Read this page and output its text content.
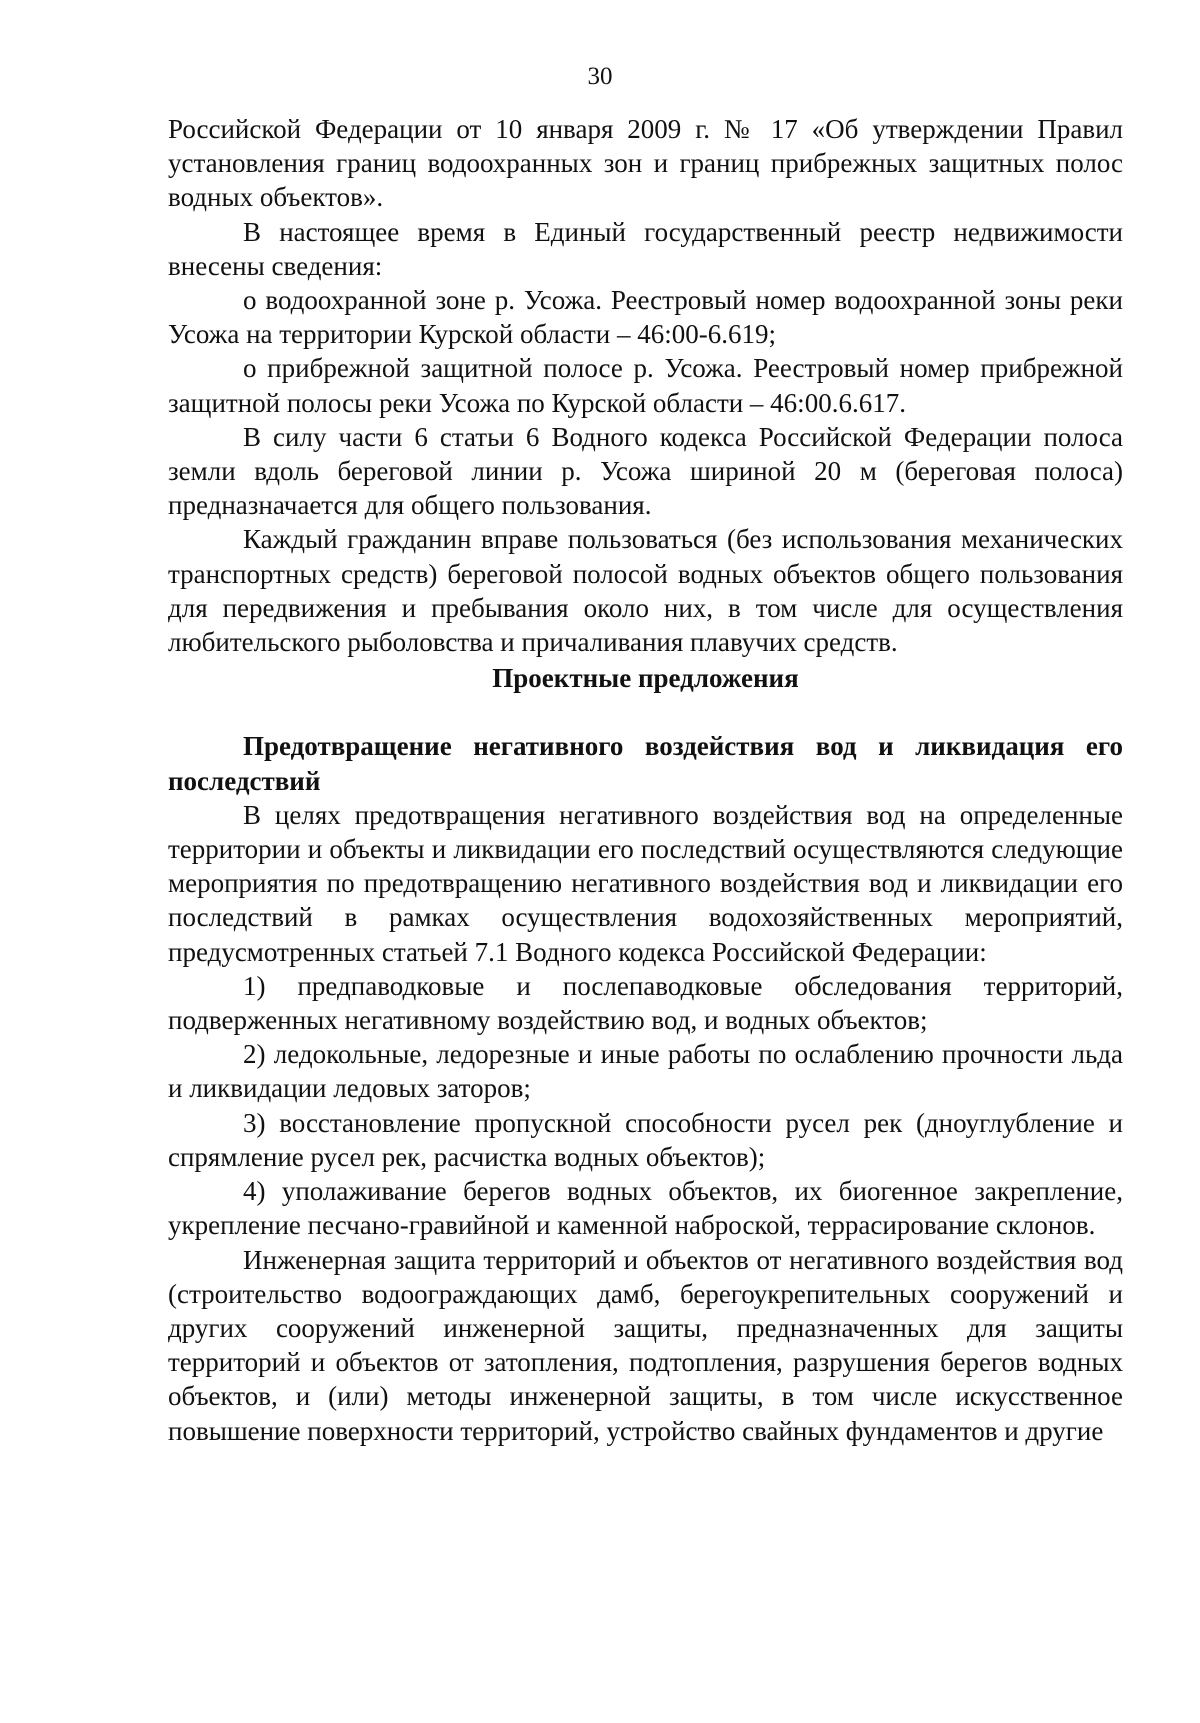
30

Российской Федерации от 10 января 2009 г. № 17 «Об утверждении Правил установления границ водоохранных зон и границ прибрежных защитных полос водных объектов».

В настоящее время в Единый государственный реестр недвижимости внесены сведения:

о водоохранной зоне р. Усожа. Реестровый номер водоохранной зоны реки Усожа на территории Курской области – 46:00-6.619;

о прибрежной защитной полосе р. Усожа. Реестровый номер прибрежной защитной полосы реки Усожа по Курской области – 46:00.6.617.

В силу части 6 статьи 6 Водного кодекса Российской Федерации полоса земли вдоль береговой линии р. Усожа шириной 20 м (береговая полоса) предназначается для общего пользования.

Каждый гражданин вправе пользоваться (без использования механических транспортных средств) береговой полосой водных объектов общего пользования для передвижения и пребывания около них, в том числе для осуществления любительского рыболовства и причаливания плавучих средств.

Проектные предложения

Предотвращение негативного воздействия вод и ликвидация его последствий

В целях предотвращения негативного воздействия вод на определенные территории и объекты и ликвидации его последствий осуществляются следующие мероприятия по предотвращению негативного воздействия вод и ликвидации его последствий в рамках осуществления водохозяйственных мероприятий, предусмотренных статьей 7.1 Водного кодекса Российской Федерации:

1) предпаводковые и послепаводковые обследования территорий, подверженных негативному воздействию вод, и водных объектов;

2) ледокольные, ледорезные и иные работы по ослаблению прочности льда и ликвидации ледовых заторов;

3) восстановление пропускной способности русел рек (дноуглубление и спрямление русел рек, расчистка водных объектов);

4) уполаживание берегов водных объектов, их биогенное закрепление, укрепление песчано-гравийной и каменной наброской, террасирование склонов.

Инженерная защита территорий и объектов от негативного воздействия вод (строительство водоограждающих дамб, берегоукрепительных сооружений и других сооружений инженерной защиты, предназначенных для защиты территорий и объектов от затопления, подтопления, разрушения берегов водных объектов, и (или) методы инженерной защиты, в том числе искусственное повышение поверхности территорий, устройство свайных фундаментов и другие
